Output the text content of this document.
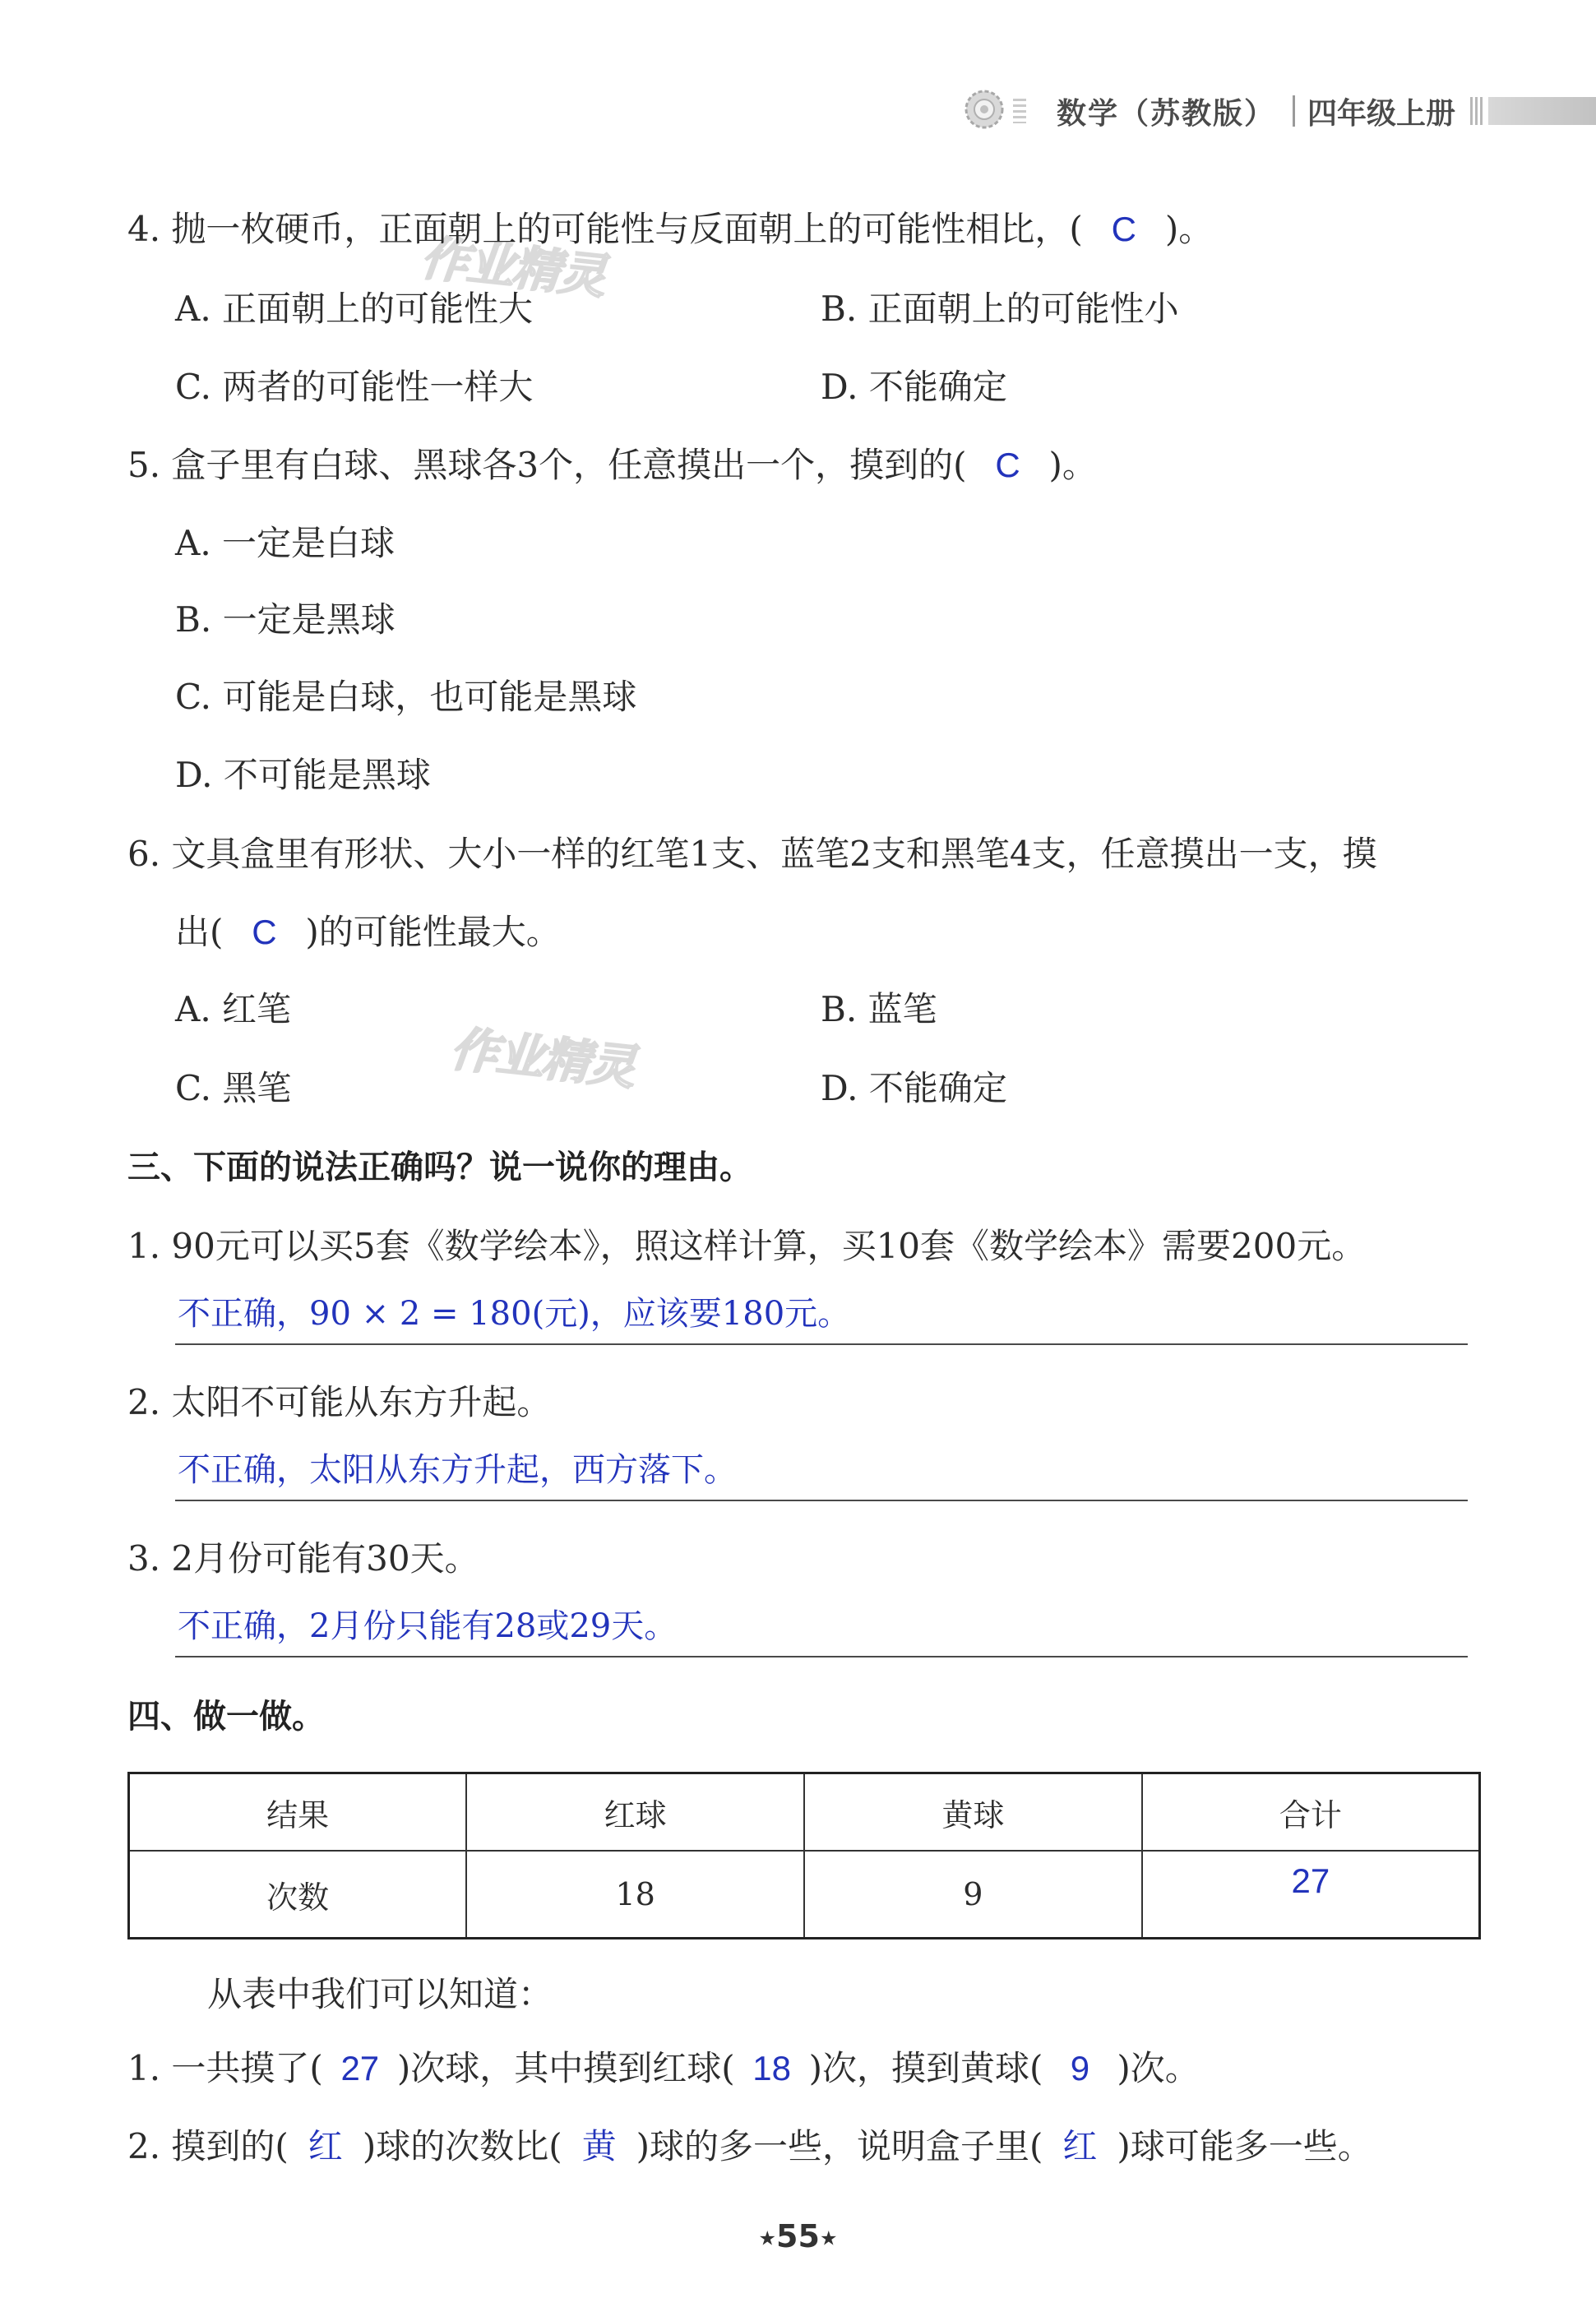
数学（苏教版） 四年级上册
作业精灵
作业精灵
4. 抛一枚硬币，正面朝上的可能性与反面朝上的可能性相比，( C )。
A. 正面朝上的可能性大	B. 正面朝上的可能性小
C. 两者的可能性一样大	D. 不能确定
5. 盒子里有白球、黑球各3个，任意摸出一个，摸到的( C )。
A. 一定是白球
B. 一定是黑球
C. 可能是白球，也可能是黑球
D. 不可能是黑球
6. 文具盒里有形状、大小一样的红笔1支、蓝笔2支和黑笔4支，任意摸出一支，摸
出( C )的可能性最大。
A. 红笔	B. 蓝笔
C. 黑笔	D. 不能确定
三、下面的说法正确吗？说一说你的理由。
1. 90元可以买5套《数学绘本》，照这样计算，买10套《数学绘本》需要200元。
不正确，90 × 2 = 180(元)，应该要180元。
2. 太阳不可能从东方升起。
不正确，太阳从东方升起，西方落下。
3. 2月份可能有30天。
不正确，2月份只能有28或29天。
四、做一做。
结果	红球	黄球	合计
次数	18	9	27
从表中我们可以知道：
1. 一共摸了( 27 )次球，其中摸到红球( 18 )次，摸到黄球( 9 )次。
2. 摸到的( 红 )球的次数比( 黄 )球的多一些，说明盒子里( 红 )球可能多一些。
★55★
